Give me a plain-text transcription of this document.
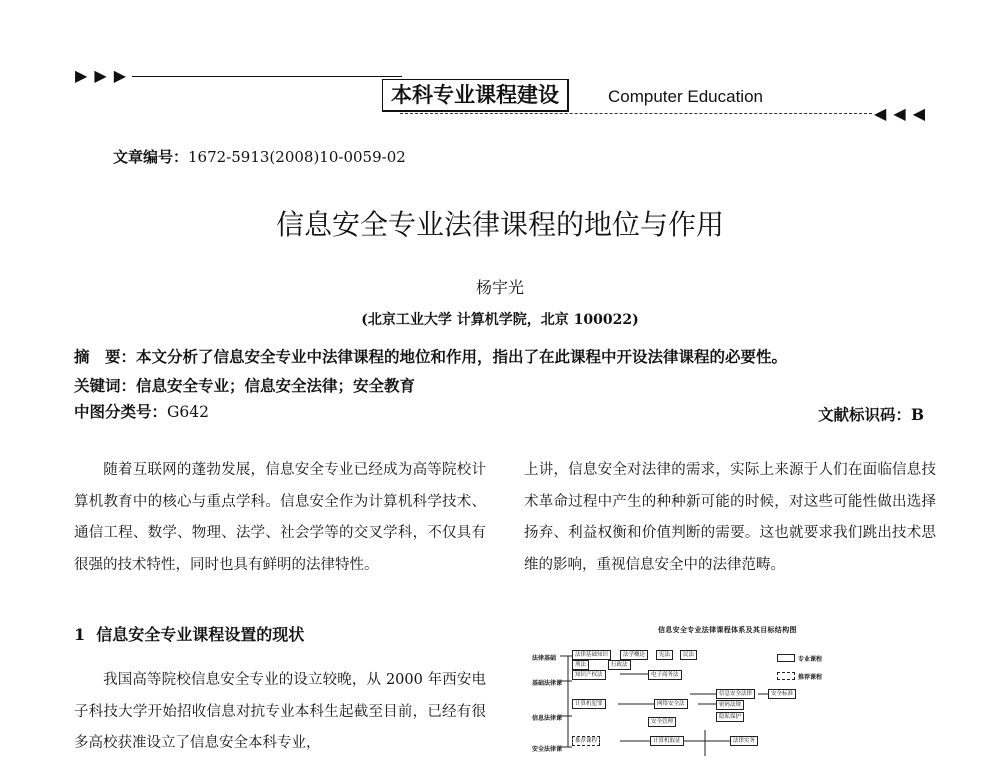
▶ ▶ ▶
本科专业课程建设	Computer Education
◀ ◀ ◀
文章编号：1672-5913(2008)10-0059-02
信息安全专业法律课程的地位与作用
杨宇光
(北京工业大学 计算机学院，北京 100022)
摘　要：本文分析了信息安全专业中法律课程的地位和作用，指出了在此课程中开设法律课程的必要性。
关键词：信息安全专业；信息安全法律；安全教育
中图分类号：G642	文献标识码：B
随着互联网的蓬勃发展，信息安全专业已经成为高等院校计算机教育中的核心与重点学科。信息安全作为计算机科学技术、通信工程、数学、物理、法学、社会学等的交叉学科，不仅具有很强的技术特性，同时也具有鲜明的法律特性。
1 信息安全专业课程设置的现状
我国高等院校信息安全专业的设立较晚，从 2000 年西安电子科技大学开始招收信息对抗专业本科生起截至目前，已经有很多高校获准设立了信息安全本科专业，
上讲，信息安全对法律的需求，实际上来源于人们在面临信息技术革命过程中产生的种种新可能的时候，对这些可能性做出选择扬弃、利益权衡和价值判断的需要。这也就要求我们跳出技术思维的影响，重视信息安全中的法律范畴。
信息安全专业法律课程体系及其目标结构图
法律基础
基础法律课
信息法律课
安全法律课
法律基础知识	法学概论	宪法	民法
刑法	行政法
知识产权法	电子商务法
计算机犯罪	网络安全法
信息安全法律	安全标准
密码法规
隐私保护
安全管理
计算机取证	法律实务
推荐课程
专业课程
推荐课程
